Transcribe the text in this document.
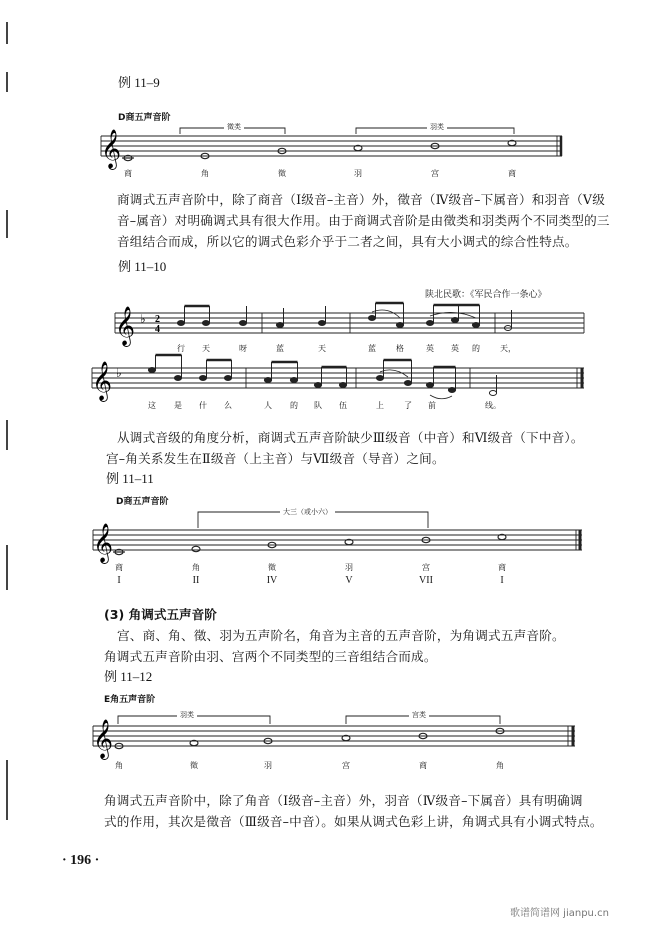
例 11–9
D商五声音阶
𝄞
徵类	羽类
商	角	徵	羽	宫	商
商调式五声音阶中，除了商音（Ⅰ级音–主音）外，徵音（Ⅳ级音–下属音）和羽音（Ⅴ级
音–属音）对明确调式具有很大作用。由于商调式音阶是由徵类和羽类两个不同类型的三
音组结合而成，所以它的调式色彩介乎于二者之间，具有大小调式的综合性特点。
例 11–10
陕北民歌：《军民合作一条心》
𝄞
𝄞
♭
♭
2
4
行	天	呀	蓝	天	蓝	格	英	英	的	天，
这	是	什	么	人	的	队	伍	上	了	前	线。
从调式音级的角度分析，商调式五声音阶缺少Ⅲ级音（中音）和Ⅵ级音（下中音）。
宫–角关系发生在Ⅱ级音（上主音）与Ⅶ级音（导音）之间。
例 11–11
D商五声音阶
𝄞
大三（或小六）
商	角	徵	羽	宫	商
I	II	IV	V	VII	I
(3) 角调式五声音阶
宫、商、角、徵、羽为五声阶名，角音为主音的五声音阶，为角调式五声音阶。
角调式五声音阶由羽、宫两个不同类型的三音组结合而成。
例 11–12
E角五声音阶
𝄞
羽类	宫类
角	徵	羽	宫	商	角
角调式五声音阶中，除了角音（Ⅰ级音–主音）外，羽音（Ⅳ级音–下属音）具有明确调
式的作用，其次是徵音（Ⅲ级音–中音）。如果从调式色彩上讲，角调式具有小调式特点。
· 196 ·
歌谱简谱网 jianpu.cn
